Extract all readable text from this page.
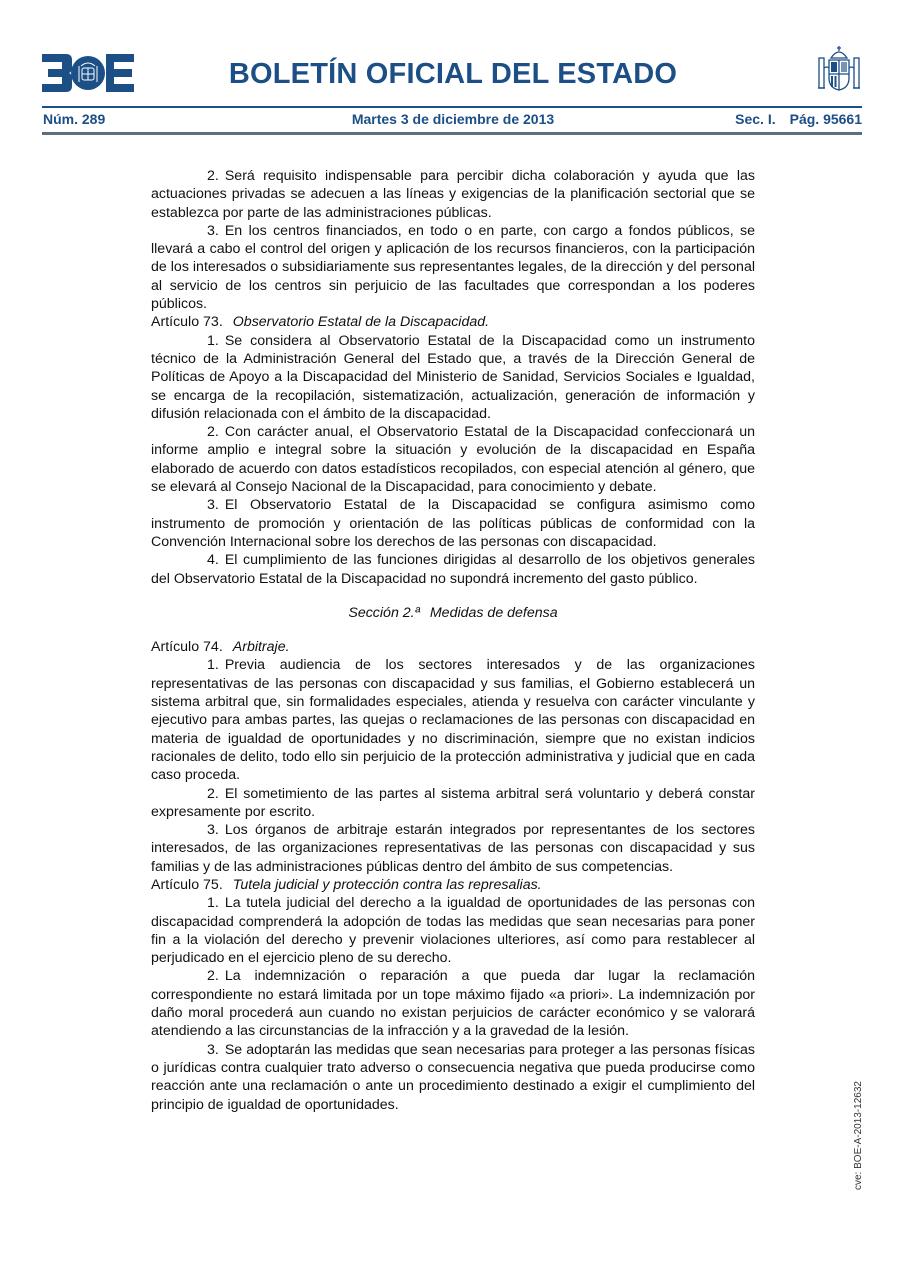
BOLETÍN OFICIAL DEL ESTADO
Núm. 289	Martes 3 de diciembre de 2013	Sec. I. Pág. 95661

2. Será requisito indispensable para percibir dicha colaboración y ayuda que las actuaciones privadas se adecuen a las líneas y exigencias de la planificación sectorial que se establezca por parte de las administraciones públicas.

3. En los centros financiados, en todo o en parte, con cargo a fondos públicos, se llevará a cabo el control del origen y aplicación de los recursos financieros, con la participación de los interesados o subsidiariamente sus representantes legales, de la dirección y del personal al servicio de los centros sin perjuicio de las facultades que correspondan a los poderes públicos.

Artículo 73. Observatorio Estatal de la Discapacidad.

1. Se considera al Observatorio Estatal de la Discapacidad como un instrumento técnico de la Administración General del Estado que, a través de la Dirección General de Políticas de Apoyo a la Discapacidad del Ministerio de Sanidad, Servicios Sociales e Igualdad, se encarga de la recopilación, sistematización, actualización, generación de información y difusión relacionada con el ámbito de la discapacidad.

2. Con carácter anual, el Observatorio Estatal de la Discapacidad confeccionará un informe amplio e integral sobre la situación y evolución de la discapacidad en España elaborado de acuerdo con datos estadísticos recopilados, con especial atención al género, que se elevará al Consejo Nacional de la Discapacidad, para conocimiento y debate.

3. El Observatorio Estatal de la Discapacidad se configura asimismo como instrumento de promoción y orientación de las políticas públicas de conformidad con la Convención Internacional sobre los derechos de las personas con discapacidad.

4. El cumplimiento de las funciones dirigidas al desarrollo de los objetivos generales del Observatorio Estatal de la Discapacidad no supondrá incremento del gasto público.

Sección 2.ª Medidas de defensa

Artículo 74. Arbitraje.

1. Previa audiencia de los sectores interesados y de las organizaciones representativas de las personas con discapacidad y sus familias, el Gobierno establecerá un sistema arbitral que, sin formalidades especiales, atienda y resuelva con carácter vinculante y ejecutivo para ambas partes, las quejas o reclamaciones de las personas con discapacidad en materia de igualdad de oportunidades y no discriminación, siempre que no existan indicios racionales de delito, todo ello sin perjuicio de la protección administrativa y judicial que en cada caso proceda.

2. El sometimiento de las partes al sistema arbitral será voluntario y deberá constar expresamente por escrito.

3. Los órganos de arbitraje estarán integrados por representantes de los sectores interesados, de las organizaciones representativas de las personas con discapacidad y sus familias y de las administraciones públicas dentro del ámbito de sus competencias.

Artículo 75. Tutela judicial y protección contra las represalias.

1. La tutela judicial del derecho a la igualdad de oportunidades de las personas con discapacidad comprenderá la adopción de todas las medidas que sean necesarias para poner fin a la violación del derecho y prevenir violaciones ulteriores, así como para restablecer al perjudicado en el ejercicio pleno de su derecho.

2. La indemnización o reparación a que pueda dar lugar la reclamación correspondiente no estará limitada por un tope máximo fijado «a priori». La indemnización por daño moral procederá aun cuando no existan perjuicios de carácter económico y se valorará atendiendo a las circunstancias de la infracción y a la gravedad de la lesión.

3. Se adoptarán las medidas que sean necesarias para proteger a las personas físicas o jurídicas contra cualquier trato adverso o consecuencia negativa que pueda producirse como reacción ante una reclamación o ante un procedimiento destinado a exigir el cumplimiento del principio de igualdad de oportunidades.	cve: BOE-A-2013-12632
